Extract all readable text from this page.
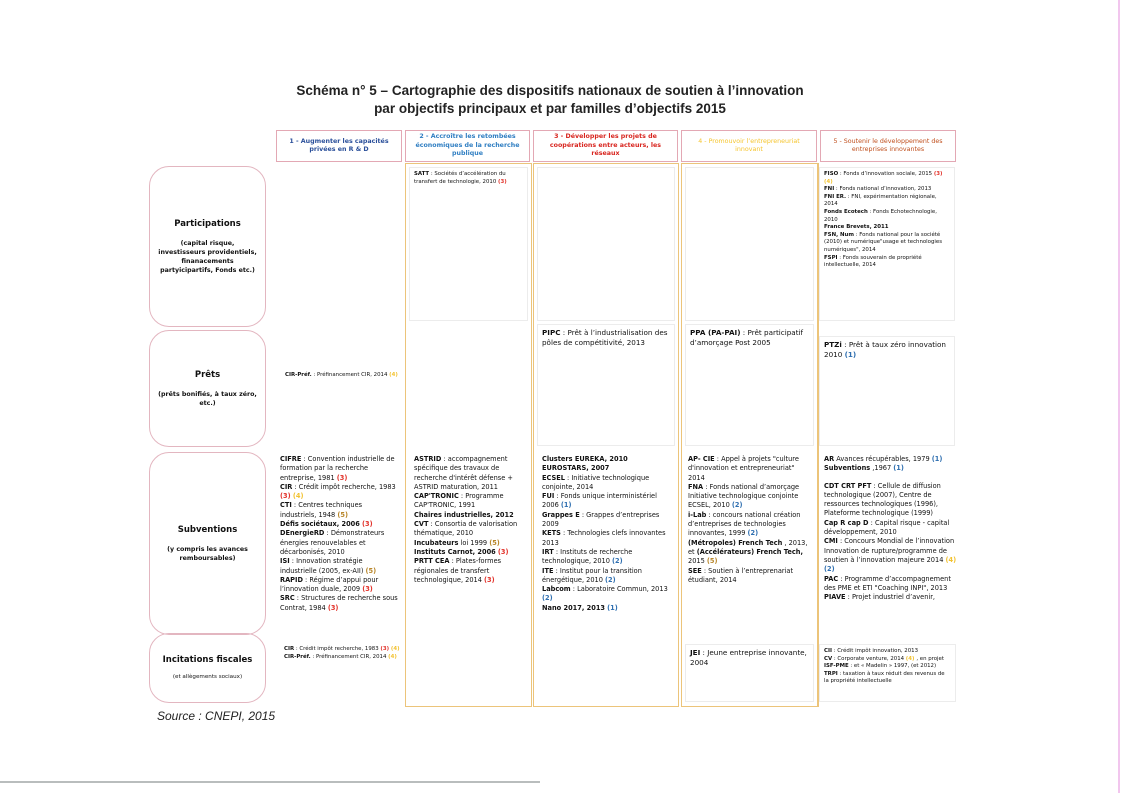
Schéma n° 5 – Cartographie des dispositifs nationaux de soutien à l’innovation
par objectifs principaux et par familles d’objectifs 2015
1 - Augmenter les capacités privées en R & D
2 - Accroître les retombées économiques de la recherche publique
3 - Développer les projets de coopérations entre acteurs, les réseaux
4 - Promouvoir l’entrepreneuriat innovant
5 - Soutenir le développement des entreprises innovantes
Participations
(capital risque, investisseurs providentiels, finanacements partyicipartifs, Fonds etc.)
Prêts
(prêts bonifiés, à taux zéro, etc.)
Subventions
(y compris les avances remboursables)
Incitations fiscales
(et allègements sociaux)
SATT : Sociétés d’accélération du transfert de technologie, 2010 (3)
FISO : Fonds d’innovation sociale, 2015 (3) (4)
FNI : Fonds national d’innovation, 2013
FNI ER. : FNI, expérimentation régionale, 2014
Fonds Ecotech : Fonds Echotechnologie, 2010
France Brevets, 2011
FSN, Num : Fonds national pour la société (2010) et numérique"usage et technologies numériques", 2014
FSPI : Fonds souverain de propriété intellectuelle, 2014
CIR-Préf. : Préfinancement CIR, 2014 (4)
PIPC : Prêt à l’industrialisation des pôles de compétitivité, 2013
PPA (PA-PAI) : Prêt participatif d’amorçage Post 2005	PTZi : Prêt à taux zéro innovation 2010 (1)
CIFRE : Convention industrielle de formation par la recherche entreprise, 1981 (3)
CIR : Crédit impôt recherche, 1983 (3) (4)
CTI : Centres techniques industriels, 1948 (5)
Défis sociétaux, 2006 (3)
DEnergieRD : Démonstrateurs énergies renouvelables et décarbonisés, 2010
ISI : Innovation stratégie industrielle (2005, ex-AII) (5)
RAPID : Régime d’appui pour l’innovation duale, 2009 (3)
SRC : Structures de recherche sous Contrat, 1984 (3)
ASTRID : accompagnement spécifique des travaux de recherche d'intérêt défense + ASTRID maturation, 2011
CAP'TRONIC : Programme CAP'TRONIC, 1991
Chaires industrielles, 2012
CVT : Consortia de valorisation thématique, 2010
Incubateurs loi 1999 (5)
Instituts Carnot, 2006 (3)
PRTT CEA : Plates-formes régionales de transfert technologique, 2014 (3)
Clusters EUREKA, 2010
EUROSTARS, 2007
ECSEL : Initiative technologique conjointe, 2014
FUI : Fonds unique interministériel 2006 (1)
Grappes E : Grappes d’entreprises 2009
KETS : Technologies clefs innovantes 2013
IRT : Instituts de recherche technologique, 2010 (2)
ITE : Institut pour la transition énergétique, 2010 (2)
Labcom : Laboratoire Commun, 2013 (2)
Nano 2017, 2013 (1)
AP- CIE : Appel à projets "culture d'innovation et entrepreneuriat" 2014
FNA : Fonds national d’amorçage Initiative technologique conjointe ECSEL, 2010 (2)
i-Lab : concours national création d’entreprises de technologies innovantes, 1999 (2)
(Métropoles) French Tech , 2013, et (Accélérateurs) French Tech, 2015 (5)
SEE : Soutien à l’entreprenariat étudiant, 2014
AR Avances récupérables, 1979 (1)
Subventions ,1967 (1)
CDT CRT PFT : Cellule de diffusion technologique (2007), Centre de ressources technologiques (1996), Plateforme technologique (1999)
Cap R cap D : Capital risque - capital développement, 2010
CMI : Concours Mondial de l’innovation Innovation de rupture/programme de soutien à l’innovation majeure 2014 (4) (2)
PAC : Programme d’accompagnement des PME et ETI "Coaching INPI", 2013
PIAVE : Projet industriel d’avenir,
CIR : Crédit impôt recherche, 1983 (3) (4)
CIR-Préf. : Préfinancement CIR, 2014 (4)	JEI : Jeune entreprise innovante, 2004
CII : Crédit impôt innovation, 2013
CV : Corporate venture, 2014 (4) , en projet
ISF-PME : et « Madelin » 1997, (et 2012)
TRPI : taxation à taux réduit des revenus de la propriété intellectuelle
Source : CNEPI, 2015
